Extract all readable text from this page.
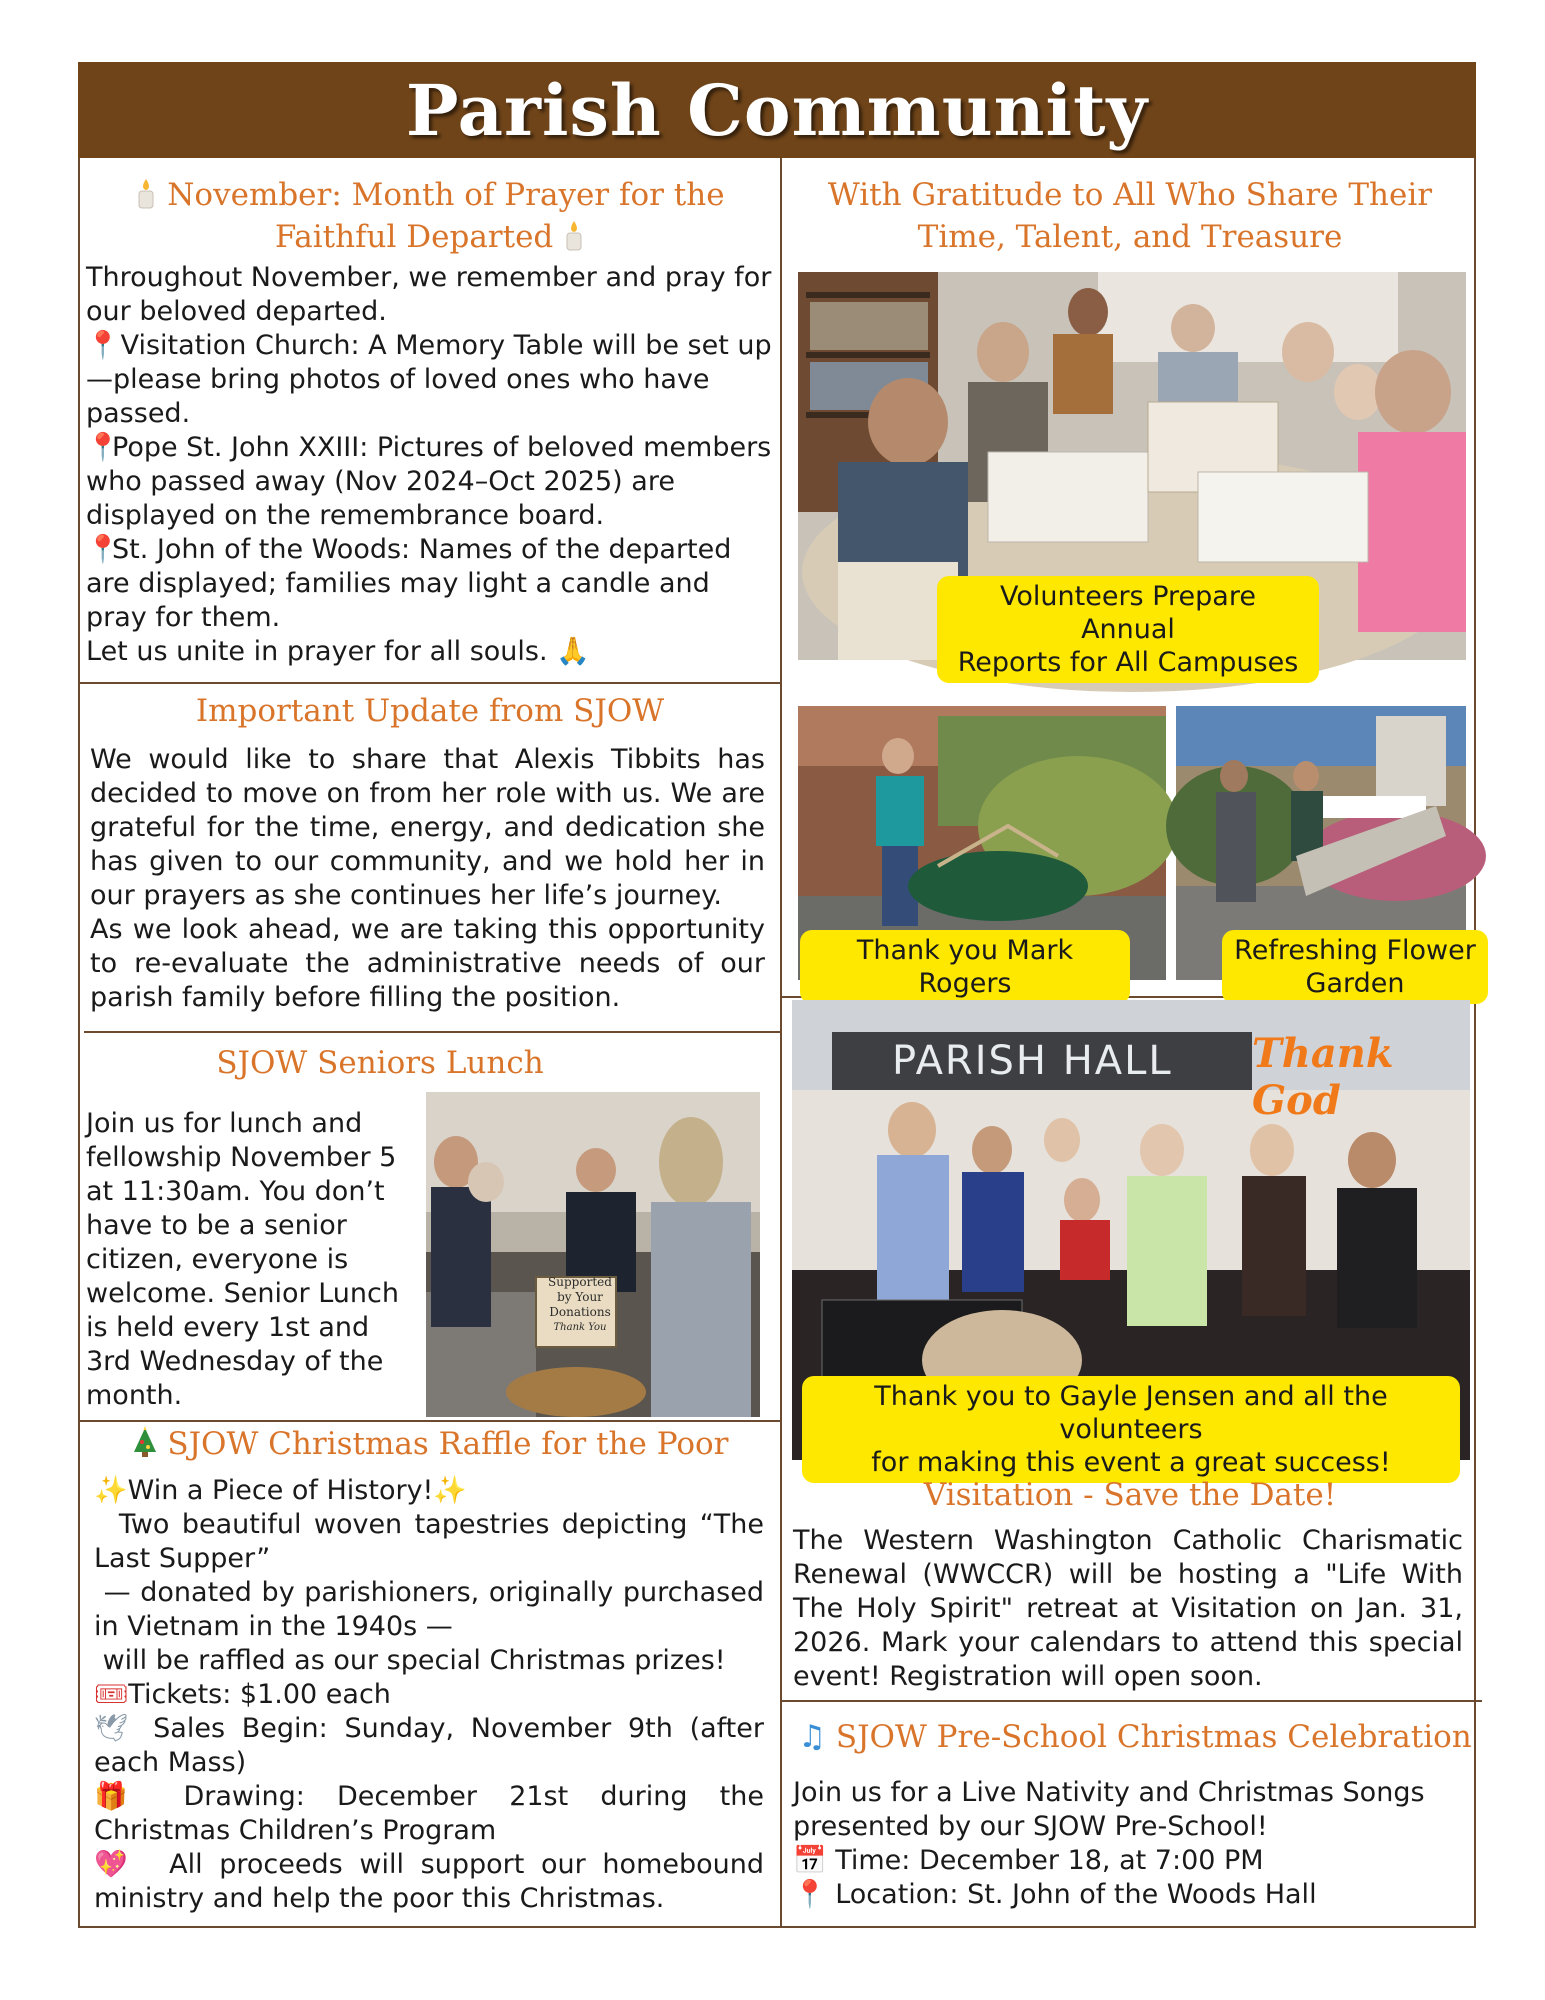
Parish Community
November: Month of Prayer for the
Faithful Departed
Throughout November, we remember and pray for our beloved departed.
📍 Visitation Church: A Memory Table will be set up—please bring photos of loved ones who have passed.
📍Pope St. John XXIII: Pictures of beloved members who passed away (Nov 2024–Oct 2025) are displayed on the remembrance board.
📍St. John of the Woods: Names of the departed are displayed; families may light a candle and pray for them.
Let us unite in prayer for all souls. 🙏
Important Update from SJOW
We would like to share that Alexis Tibbits has decided to move on from her role with us. We are grateful for the time, energy, and dedication she has given to our community, and we hold her in our prayers as she continues her life’s journey.
As we look ahead, we are taking this opportunity to re-evaluate the administrative needs of our parish family before filling the position.
SJOW Seniors Lunch
Join us for lunch and fellowship November 5 at 11:30am. You don’t have to be a senior citizen, everyone is welcome. Senior Lunch is held every 1st and 3rd Wednesday of the month.
Supported
by Your
Donations
Thank You
SJOW Christmas Raffle for the Poor
✨Win a Piece of History!✨
Two beautiful woven tapestries depicting “The Last Supper”
— donated by parishioners, originally purchased in Vietnam in the 1940s —
will be raffled as our special Christmas prizes!
🎟Tickets: $1.00 each
🕊 Sales Begin: Sunday, November 9th (after each Mass)
🎁 Drawing: December 21st during the Christmas Children’s Program
💖 All proceeds will support our homebound ministry and help the poor this Christmas.
With Gratitude to All Who Share Their
Time, Talent, and Treasure
Volunteers Prepare Annual
Reports for All Campuses
Thank you Mark Rogers
Refreshing Flower
Garden
PARISH HALL Thank God
Thank you to Gayle Jensen and all the volunteers
for making this event a great success!
Visitation - Save the Date!
The Western Washington Catholic Charismatic Renewal (WWCCR) will be hosting a "Life With The Holy Spirit" retreat at Visitation on Jan. 31, 2026. Mark your calendars to attend this special event! Registration will open soon.
♫ SJOW Pre-School Christmas Celebration
Join us for a Live Nativity and Christmas Songs presented by our SJOW Pre-School!
📅 Time: December 18, at 7:00 PM
📍 Location: St. John of the Woods Hall
